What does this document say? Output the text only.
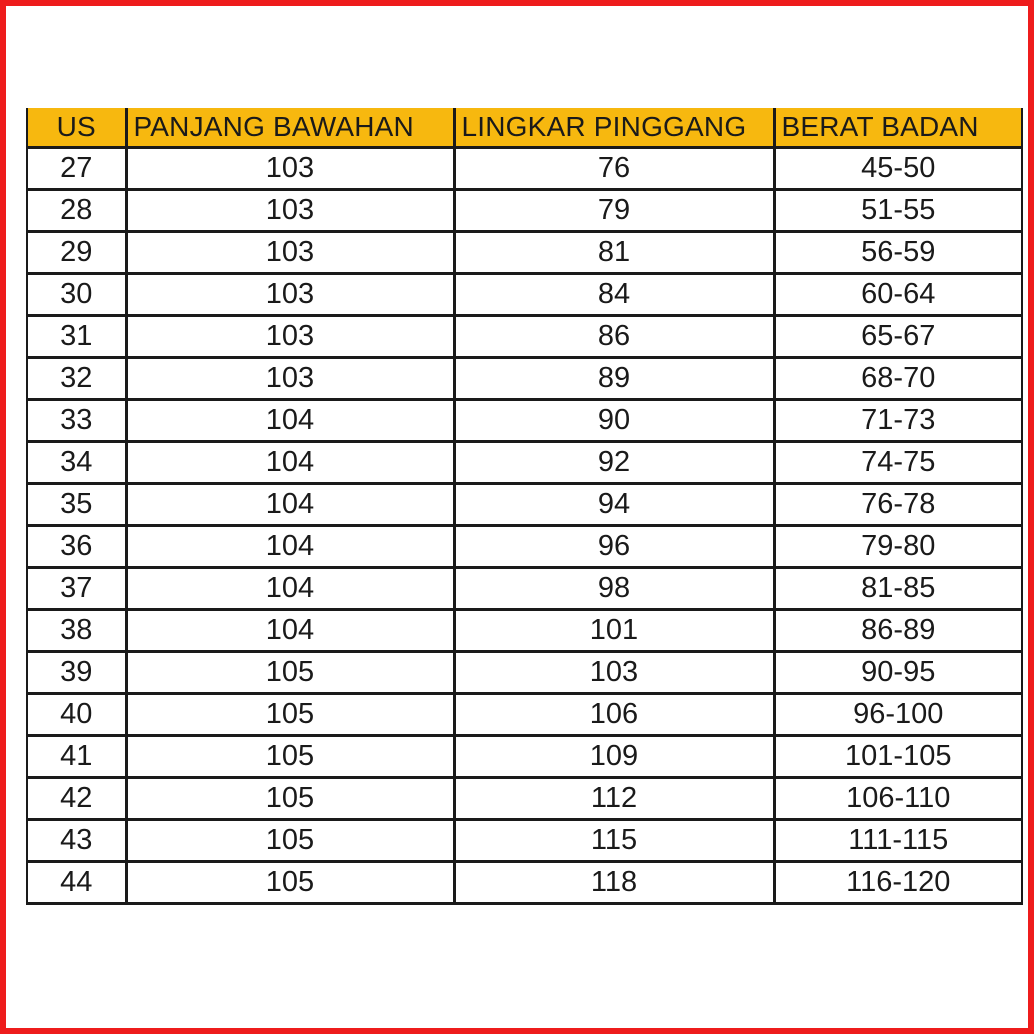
US	PANJANG BAWAHAN	LINGKAR PINGGANG	BERAT BADAN
27	103	76	45-50
28	103	79	51-55
29	103	81	56-59
30	103	84	60-64
31	103	86	65-67
32	103	89	68-70
33	104	90	71-73
34	104	92	74-75
35	104	94	76-78
36	104	96	79-80
37	104	98	81-85
38	104	101	86-89
39	105	103	90-95
40	105	106	96-100
41	105	109	101-105
42	105	112	106-110
43	105	115	111-115
44	105	118	116-120
